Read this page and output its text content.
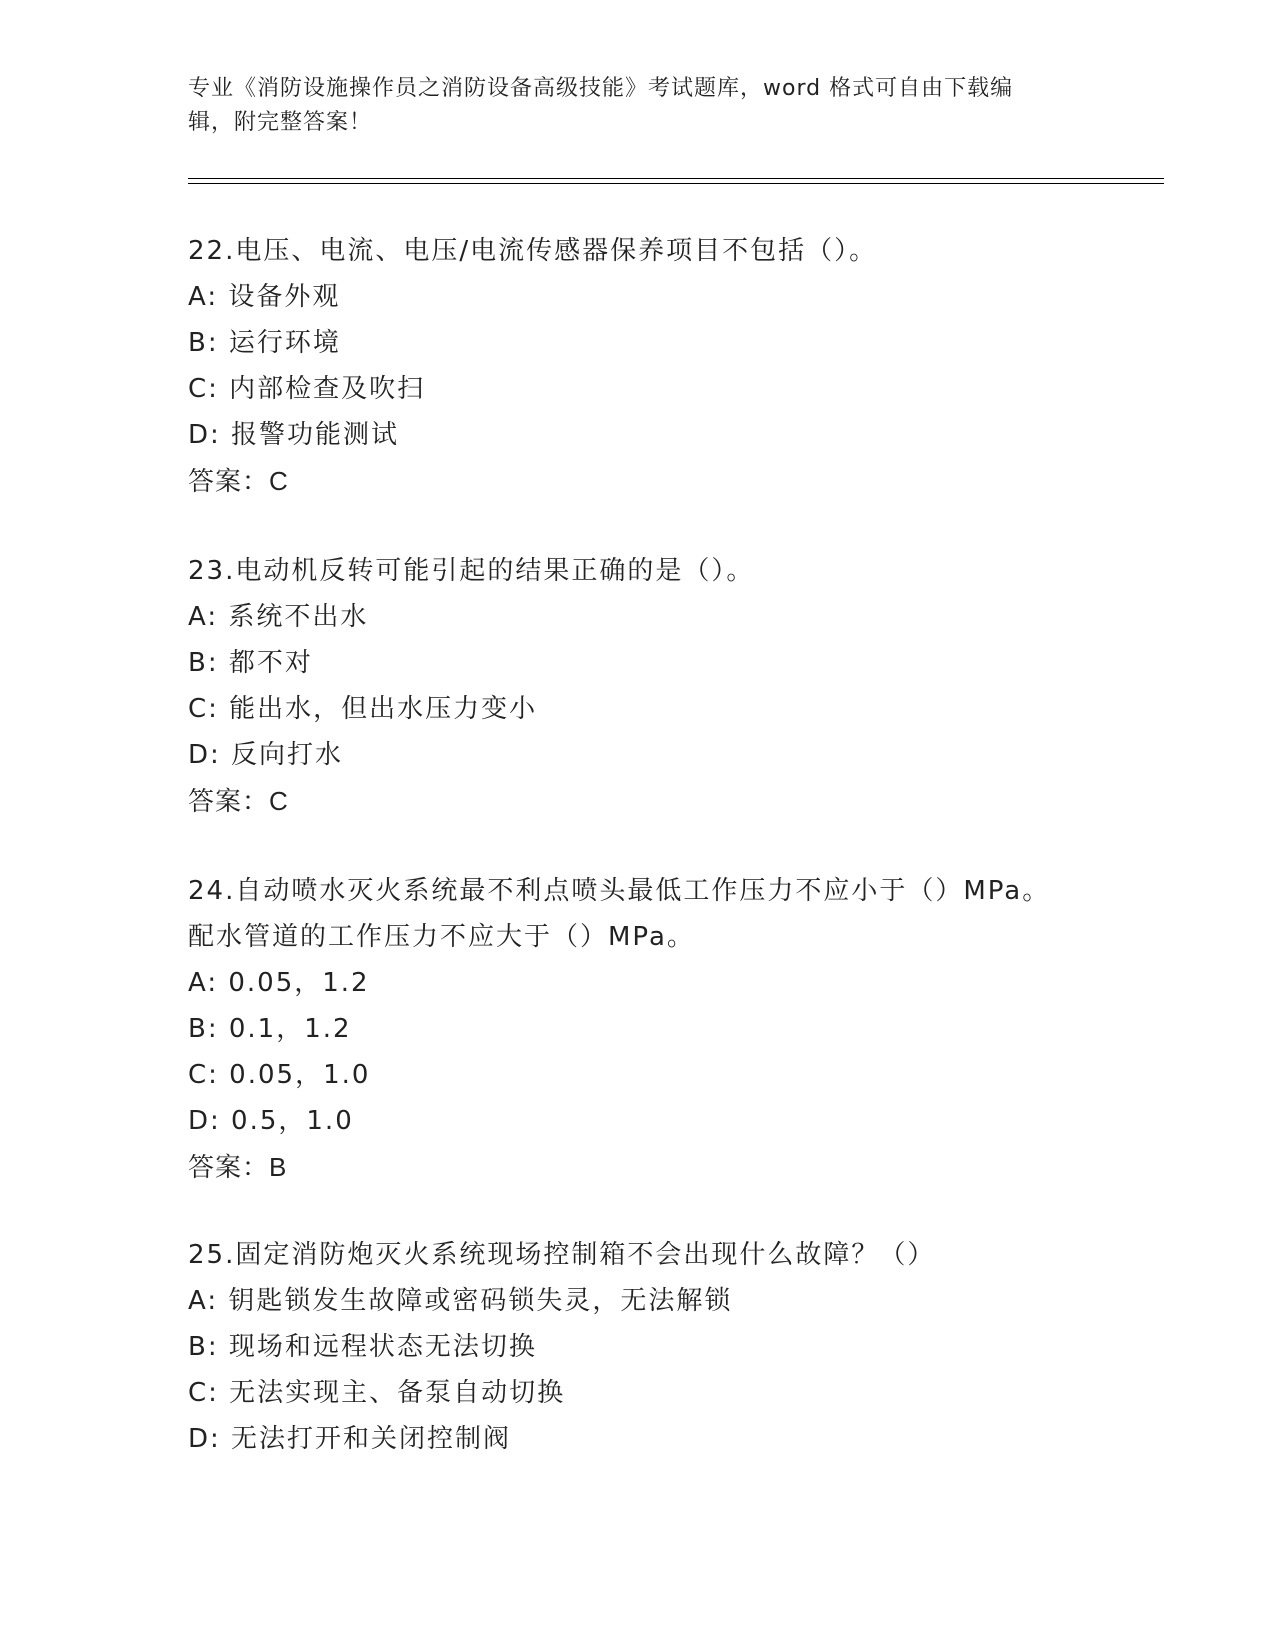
专业《消防设施操作员之消防设备高级技能》考试题库，word 格式可自由下载编
辑，附完整答案！
22.电压、电流、电压/电流传感器保养项目不包括（）。
A: 设备外观
B: 运行环境
C: 内部检查及吹扫
D: 报警功能测试
答案：C
23.电动机反转可能引起的结果正确的是（）。
A: 系统不出水
B: 都不对
C: 能出水，但出水压力变小
D: 反向打水
答案：C
24.自动喷水灭火系统最不利点喷头最低工作压力不应小于（）MPa。
配水管道的工作压力不应大于（）MPa。
A: 0.05，1.2
B: 0.1，1.2
C: 0.05，1.0
D: 0.5，1.0
答案：B
25.固定消防炮灭火系统现场控制箱不会出现什么故障？（）
A: 钥匙锁发生故障或密码锁失灵，无法解锁
B: 现场和远程状态无法切换
C: 无法实现主、备泵自动切换
D: 无法打开和关闭控制阀
